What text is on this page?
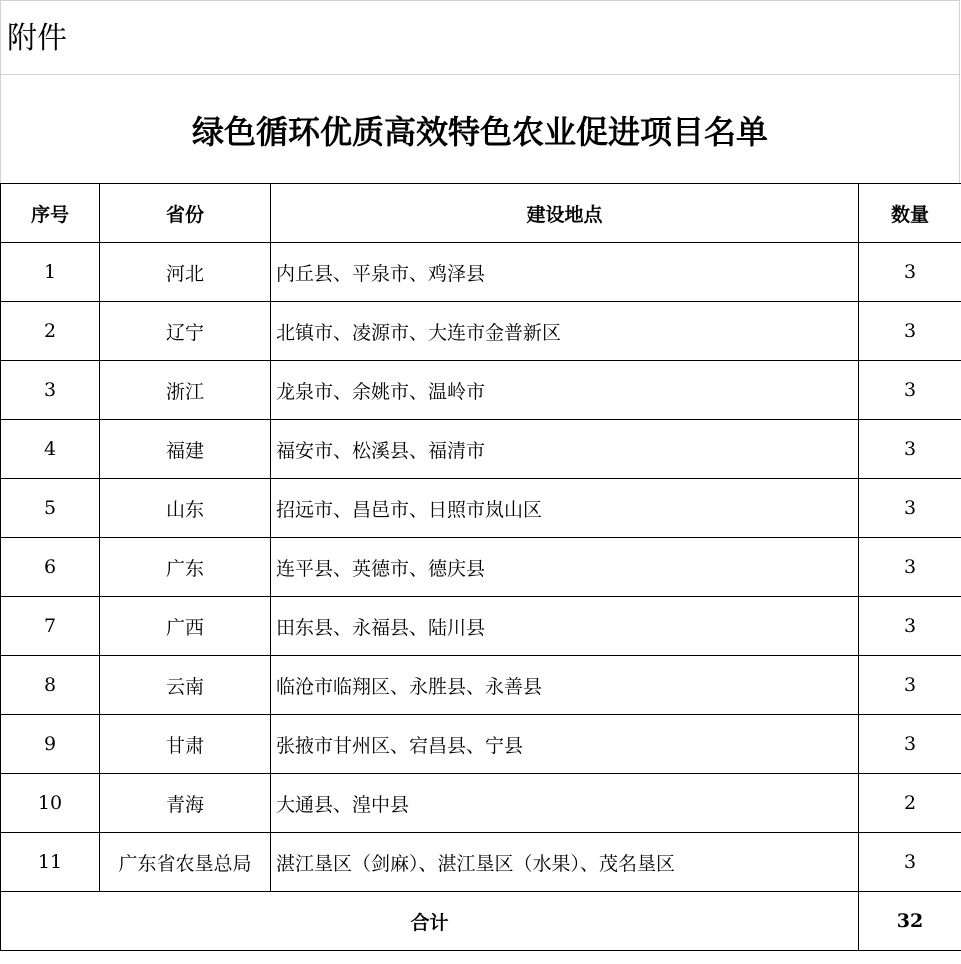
附件
绿色循环优质高效特色农业促进项目名单
序号	省份	建设地点	数量
1	河北	内丘县、平泉市、鸡泽县	3
2	辽宁	北镇市、凌源市、大连市金普新区	3
3	浙江	龙泉市、余姚市、温岭市	3
4	福建	福安市、松溪县、福清市	3
5	山东	招远市、昌邑市、日照市岚山区	3
6	广东	连平县、英德市、德庆县	3
7	广西	田东县、永福县、陆川县	3
8	云南	临沧市临翔区、永胜县、永善县	3
9	甘肃	张掖市甘州区、宕昌县、宁县	3
10	青海	大通县、湟中县	2
11	广东省农垦总局	湛江垦区（剑麻）、湛江垦区（水果）、茂名垦区	3
合计			32
